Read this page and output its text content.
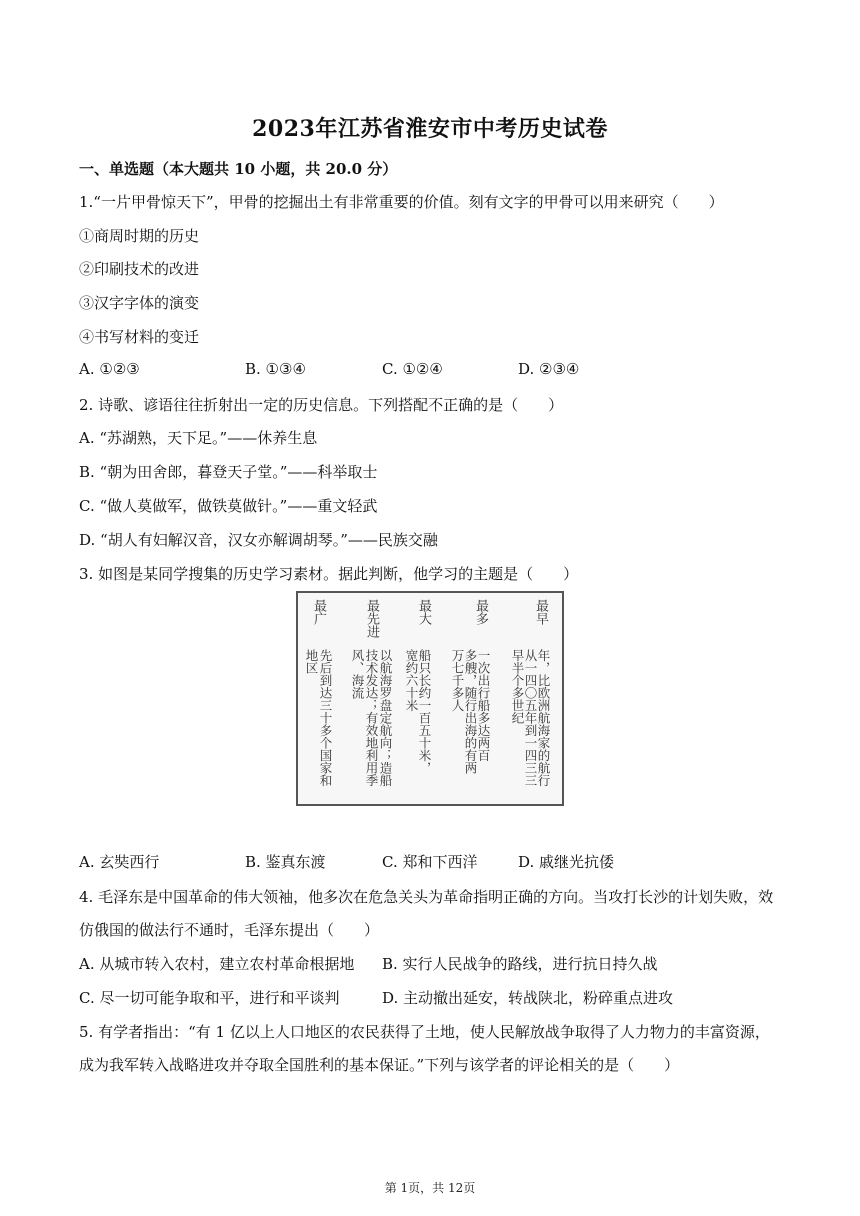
2023年江苏省淮安市中考历史试卷
一、单选题（本大题共 10 小题，共 20.0 分）
1.“一片甲骨惊天下”，甲骨的挖掘出土有非常重要的价值。刻有文字的甲骨可以用来研究（　　）
①商周时期的历史
②印刷技术的改进
③汉字字体的演变
④书写材料的变迁
A. ①②③	B. ①③④	C. ①②④	D. ②③④
2. 诗歌、谚语往往折射出一定的历史信息。下列搭配不正确的是（　　）
A. “苏湖熟，天下足。”——休养生息
B. “朝为田舍郎，暮登天子堂。”——科举取士
C. “做人莫做军，做铁莫做针。”——重文轻武
D. “胡人有妇解汉音，汉女亦解调胡琴。”——民族交融
3. 如图是某同学搜集的历史学习素材。据此判断，他学习的主题是（　　）
最早
最多
最大
最先进
最广
从一四〇五年到一四三三
年，比欧洲航海家的航行
早半个多世纪
一次出行船多达两百
多艘，随行出海的有两
万七千多人
船只长约一百五十米，
宽约六十米
以航海罗盘定航向；造船
技术发达；有效地利用季
风、海流
先后到达三十多个国家和
地区
A. 玄奘西行	B. 鉴真东渡	C. 郑和下西洋	D. 戚继光抗倭
4. 毛泽东是中国革命的伟大领袖，他多次在危急关头为革命指明正确的方向。当攻打长沙的计划失败，效
仿俄国的做法行不通时，毛泽东提出（　　）
A. 从城市转入农村，建立农村革命根据地 B. 实行人民战争的路线，进行抗日持久战
C. 尽一切可能争取和平，进行和平谈判	D. 主动撤出延安，转战陕北，粉碎重点进攻
5. 有学者指出：“有 1 亿以上人口地区的农民获得了土地，使人民解放战争取得了人力物力的丰富资源，
成为我军转入战略进攻并夺取全国胜利的基本保证。”下列与该学者的评论相关的是（　　）
第 1页，共 12页
